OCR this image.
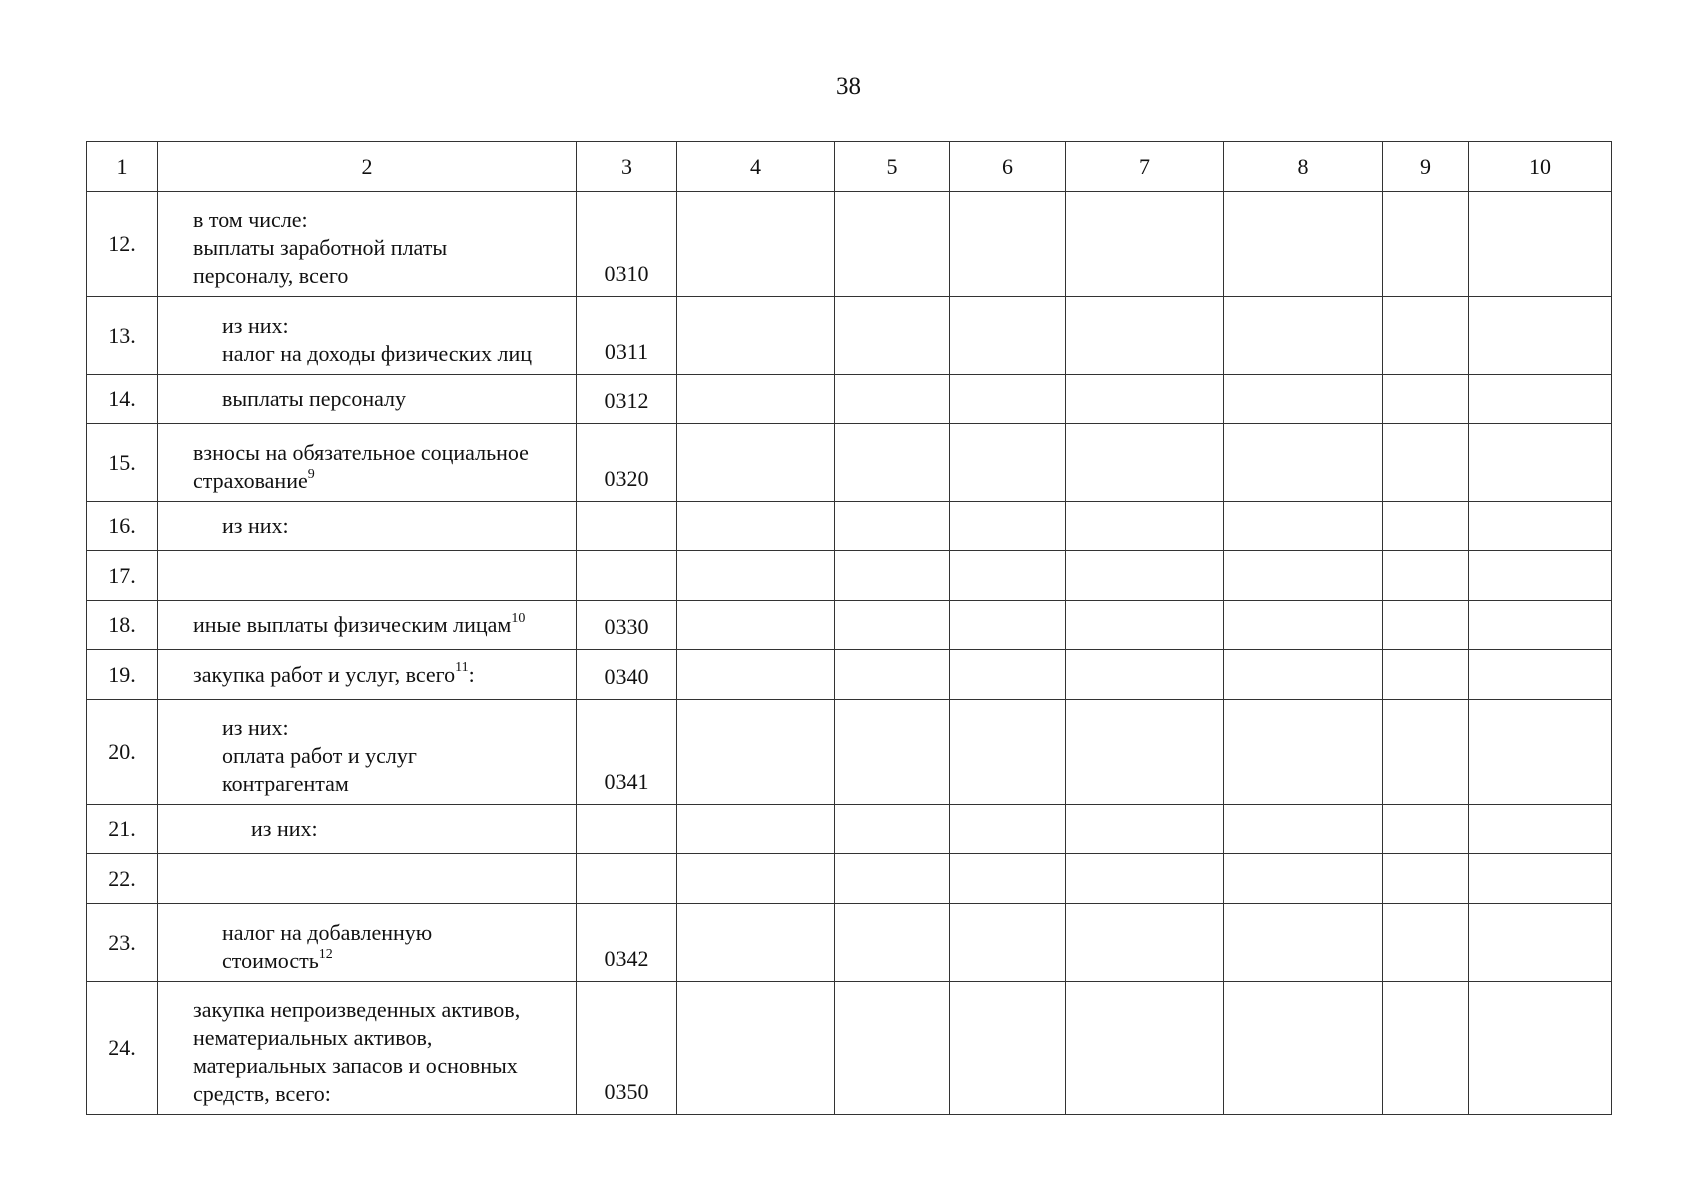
38
1	2	3	4	5	6	7	8	9	10
12.	в том числе:
выплаты заработной платы
персоналу, всего	0310							
13.	из них:
налог на доходы физических лиц	0311							
14.	выплаты персоналу	0312							
15.	взносы на обязательное социальное
страхование$^9$	0320							
16.	из них:								

17.									
18.	иные выплаты физическим лицам$^{10}$	0330							
19.	закупка работ и услуг, всего$^{11}$:	0340							
20.	из них:
оплата работ и услуг
контрагентам	0341							
21.	из них:								

22.									
23.	налог на добавленную
стоимость$^{12}$	0342							
24.	закупка непроизведенных активов,
нематериальных активов,
материальных запасов и основных
средств, всего:	0350							
